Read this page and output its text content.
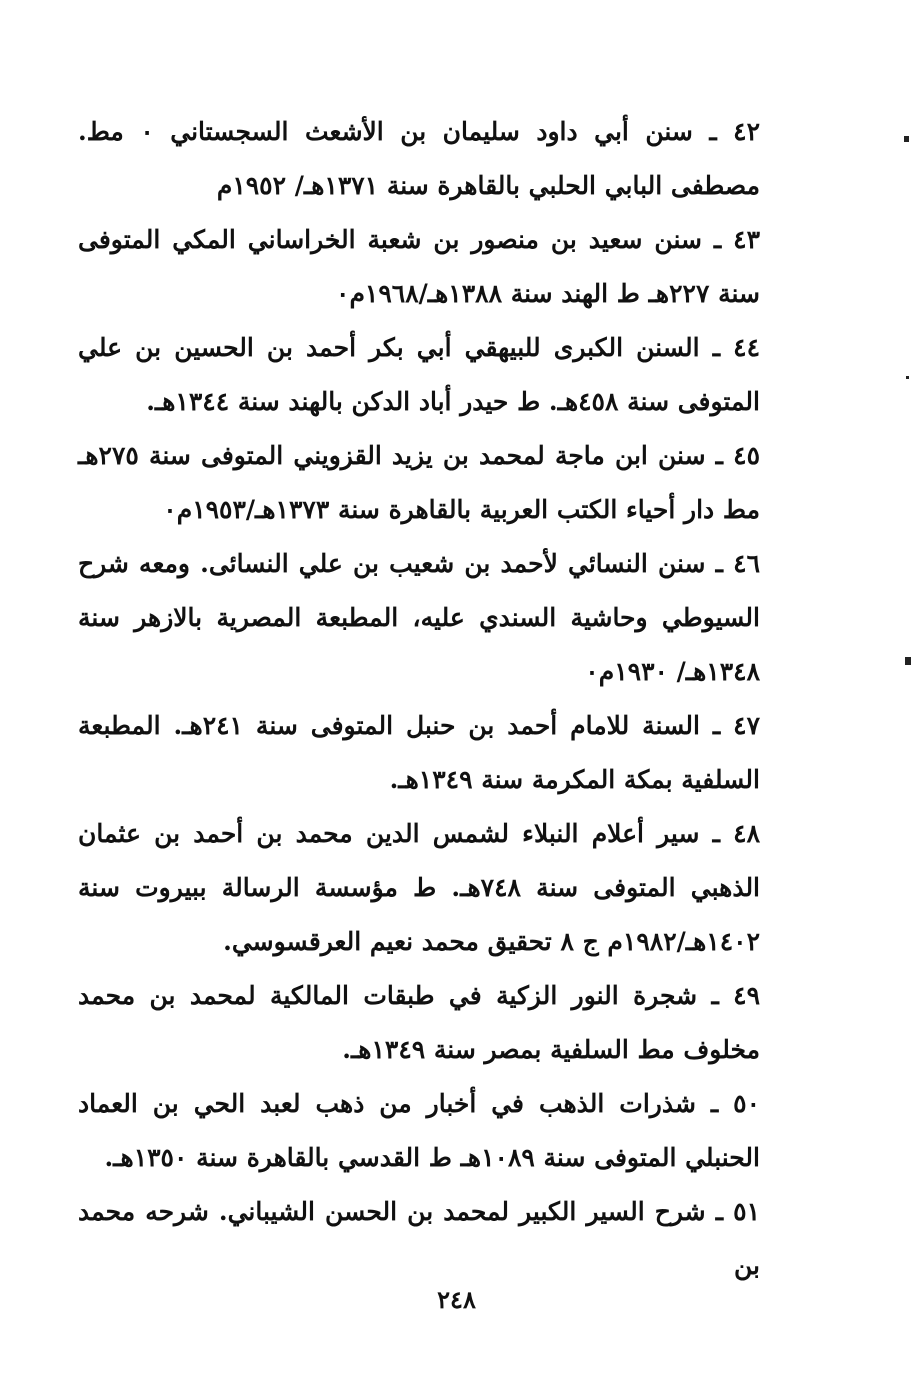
٤٢ ـ سنن أبي داود سليمان بن الأشعث السجستاني ٠ مط. مصطفى البابي الحلبي بالقاهرة سنة ١٣٧١هـ/ ١٩٥٢م

٤٣ ـ سنن سعيد بن منصور بن شعبة الخراساني المكي المتوفى سنة ٢٢٧هـ ط الهند سنة ١٣٨٨هـ/١٩٦٨م٠

٤٤ ـ السنن الكبرى للبيهقي أبي بكر أحمد بن الحسين بن علي المتوفى سنة ٤٥٨هـ. ط حيدر أباد الدكن بالهند سنة ١٣٤٤هـ.

٤٥ ـ سنن ابن ماجة لمحمد بن يزيد القزويني المتوفى سنة ٢٧٥هـ مط دار أحياء الكتب العربية بالقاهرة سنة ١٣٧٣هـ/١٩٥٣م٠

٤٦ ـ سنن النسائي لأحمد بن شعيب بن علي النسائى. ومعه شرح السيوطي وحاشية السندي عليه، المطبعة المصرية بالازهر سنة ١٣٤٨هـ/ ١٩٣٠م٠

٤٧ ـ السنة للامام أحمد بن حنبل المتوفى سنة ٢٤١هـ. المطبعة السلفية بمكة المكرمة سنة ١٣٤٩هـ.

٤٨ ـ سير أعلام النبلاء لشمس الدين محمد بن أحمد بن عثمان الذهبي المتوفى سنة ٧٤٨هـ. ط مؤسسة الرسالة ببيروت سنة ١٤٠٢هـ/١٩٨٢م ج ٨ تحقيق محمد نعيم العرقسوسي.

٤٩ ـ شجرة النور الزكية في طبقات المالكية لمحمد بن محمد مخلوف مط السلفية بمصر سنة ١٣٤٩هـ.

٥٠ ـ شذرات الذهب في أخبار من ذهب لعبد الحي بن العماد الحنبلي المتوفى سنة ١٠٨٩هـ ط القدسي بالقاهرة سنة ١٣٥٠هـ.

٥١ ـ شرح السير الكبير لمحمد بن الحسن الشيباني. شرحه محمد بن

٢٤٨
